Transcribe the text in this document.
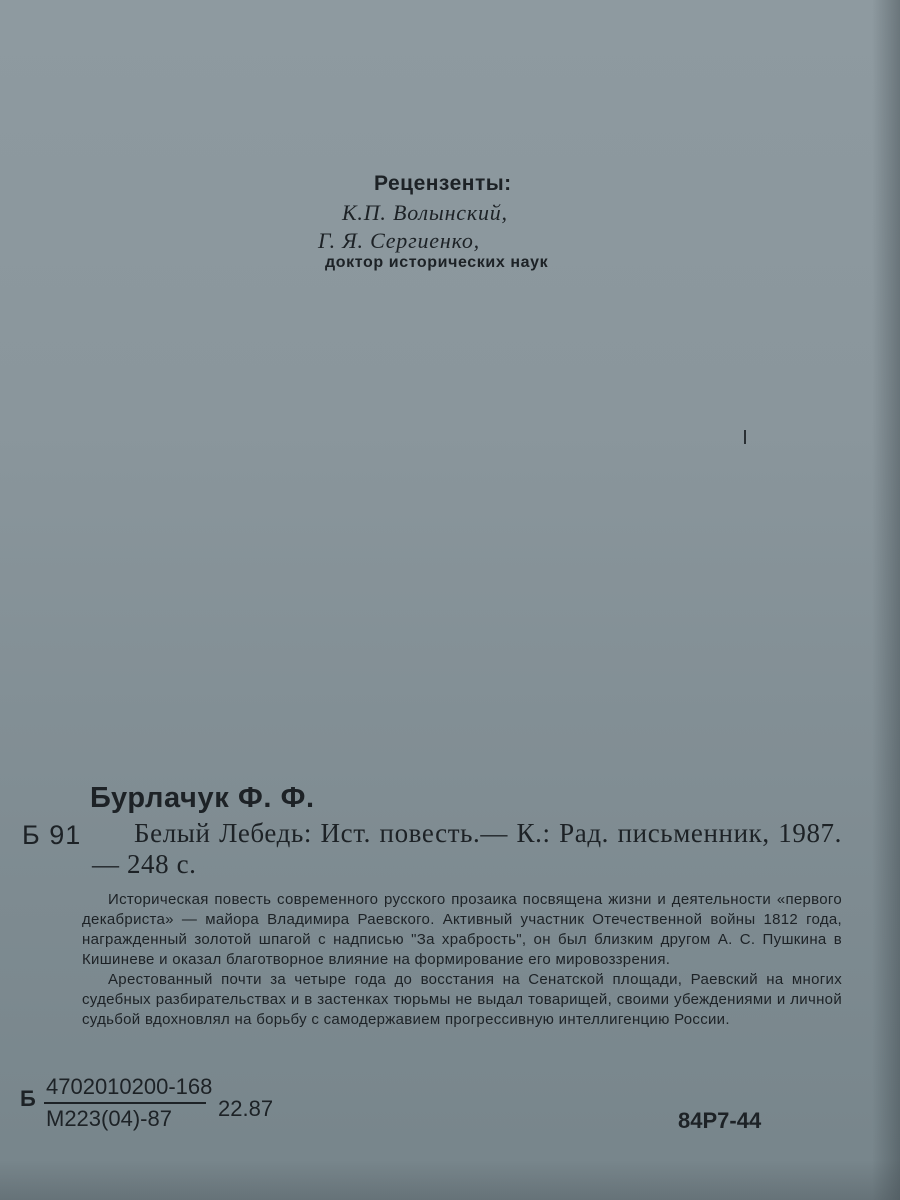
Рецензенты:
К.П. Волынский,
Г. Я. Сергиенко,
доктор исторических наук
Бурлачук Ф. Ф.
Б 91	Белый Лебедь: Ист. повесть.— К.: Рад. письменник, 1987.— 248 с.

Историческая повесть современного русского прозаика посвящена жизни и деятельности «первого декабриста» — майора Владимира Раевского. Активный участник Отечественной войны 1812 года, награжденный золотой шпагой с надписью "За храбрость", он был близким другом А. С. Пушкина в Кишиневе и оказал благотворное влияние на формирование его мировоззрения.

Арестованный почти за четыре года до восстания на Сенатской площади, Раевский на многих судебных разбирательствах и в застенках тюрьмы не выдал товарищей, своими убеждениями и личной судьбой вдохновлял на борьбу с самодержавием прогрессивную интеллигенцию России.

Б 4702010200-168
М223(04)-87 22.87	84Р7-44
